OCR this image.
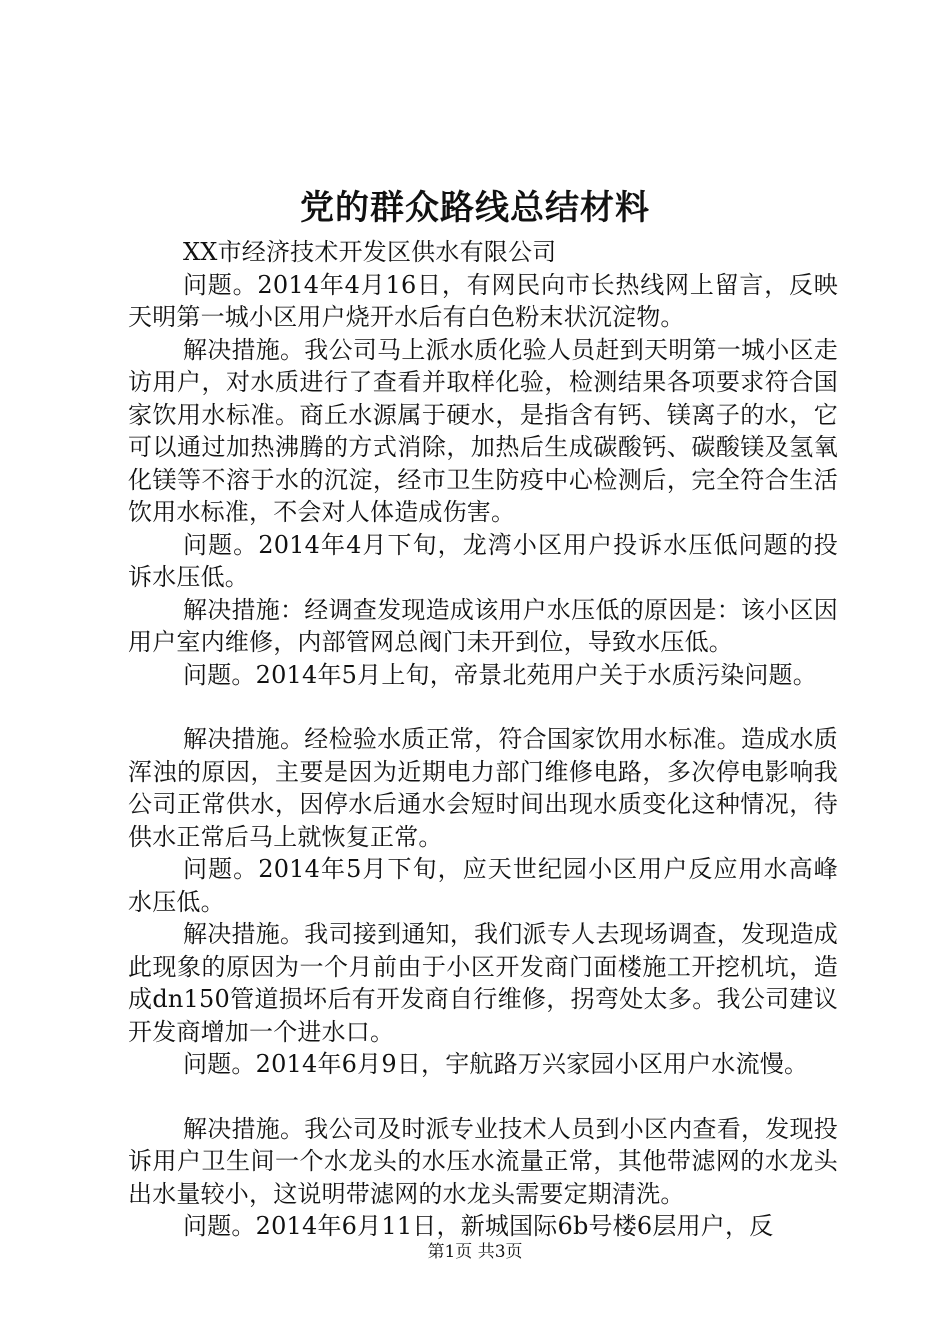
党的群众路线总结材料

XX市经济技术开发区供水有限公司

问题。2014年4月16日，有网民向市长热线网上留言，反映天明第一城小区用户烧开水后有白色粉末状沉淀物。

解决措施。我公司马上派水质化验人员赶到天明第一城小区走访用户，对水质进行了查看并取样化验，检测结果各项要求符合国家饮用水标准。商丘水源属于硬水，是指含有钙、镁离子的水，它可以通过加热沸腾的方式消除，加热后生成碳酸钙、碳酸镁及氢氧化镁等不溶于水的沉淀，经市卫生防疫中心检测后，完全符合生活饮用水标准，不会对人体造成伤害。

问题。2014年4月下旬，龙湾小区用户投诉水压低问题的投诉水压低。

解决措施：经调查发现造成该用户水压低的原因是：该小区因用户室内维修，内部管网总阀门未开到位，导致水压低。

问题。2014年5月上旬，帝景北苑用户关于水质污染问题。

解决措施。经检验水质正常，符合国家饮用水标准。造成水质浑浊的原因，主要是因为近期电力部门维修电路，多次停电影响我公司正常供水，因停水后通水会短时间出现水质变化这种情况，待供水正常后马上就恢复正常。

问题。2014年5月下旬，应天世纪园小区用户反应用水高峰水压低。

解决措施。我司接到通知，我们派专人去现场调查，发现造成此现象的原因为一个月前由于小区开发商门面楼施工开挖机坑，造成dn150管道损坏后有开发商自行维修，拐弯处太多。我公司建议开发商增加一个进水口。

问题。2014年6月9日，宇航路万兴家园小区用户水流慢。

解决措施。我公司及时派专业技术人员到小区内查看，发现投诉用户卫生间一个水龙头的水压水流量正常，其他带滤网的水龙头出水量较小，这说明带滤网的水龙头需要定期清洗。

问题。2014年6月11日，新城国际6b号楼6层用户，反

第1页 共3页
